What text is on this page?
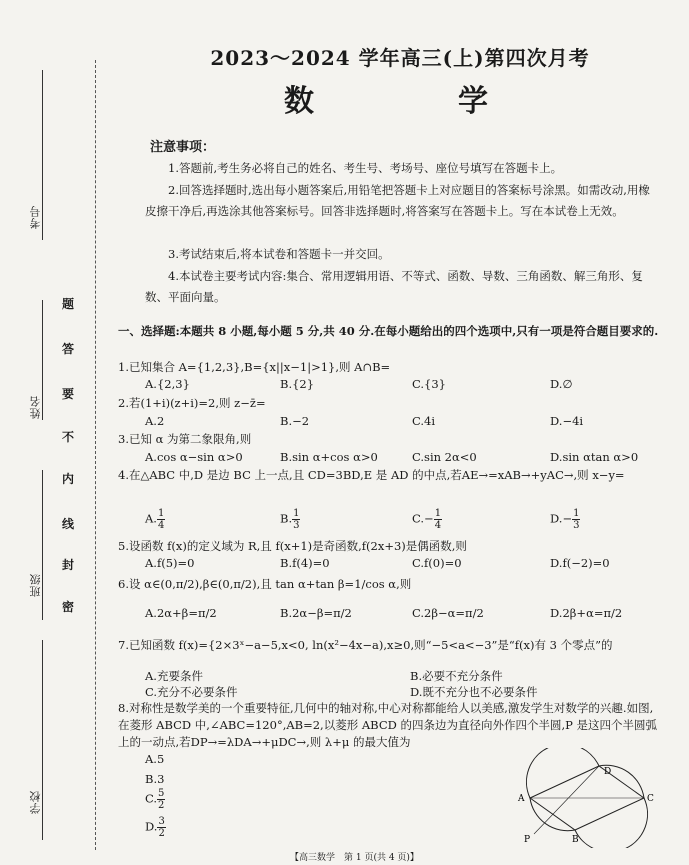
考号
姓名
班级
学校
题
答
要
不
内
线
封
密
2023～2024 学年高三(上)第四次月考
数　　学
注意事项：
1.答题前,考生务必将自己的姓名、考生号、考场号、座位号填写在答题卡上。
2.回答选择题时,选出每小题答案后,用铅笔把答题卡上对应题目的答案标号涂黑。如需改动,用橡皮擦干净后,再选涂其他答案标号。回答非选择题时,将答案写在答题卡上。写在本试卷上无效。
3.考试结束后,将本试卷和答题卡一并交回。
4.本试卷主要考试内容:集合、常用逻辑用语、不等式、函数、导数、三角函数、解三角形、复数、平面向量。
一、选择题:本题共 8 小题,每小题 5 分,共 40 分.在每小题给出的四个选项中,只有一项是符合题目要求的.
1.已知集合 A={1,2,3},B={x||x−1|>1},则 A∩B=
A.{2,3}	B.{2}	C.{3}	D.∅
2.若(1+i)(z+i)=2,则 z−z̄=
A.2	B.−2	C.4i	D.−4i
3.已知 α 为第二象限角,则
A.cos α−sin α>0	B.sin α+cos α>0	C.sin 2α<0	D.sin αtan α>0
4.在△ABC 中,D 是边 BC 上一点,且 CD=3BD,E 是 AD 的中点,若AE→=xAB→+yAC→,则 x−y=
A. $\frac{1}{4}$	B. $\frac{1}{3}$	$C.- \frac{1}{4}$	$D.- \frac{1}{3}$
5.设函数 f(x)的定义域为 R,且 f(x+1)是奇函数,f(2x+3)是偶函数,则
A.f(5)=0	B.f(4)=0	C.f(0)=0	D.f(−2)=0
6.设 α∈(0,π/2),β∈(0,π/2),且 tan α+tan β=1/cos α,则
A.2α+β=π/2	B.2α−β=π/2	C.2β−α=π/2	D.2β+α=π/2
7.已知函数 f(x)={2×3ˣ−a−5,x<0, ln(x²−4x−a),x≥0,则“−5<a<−3”是“f(x)有 3 个零点”的
A.充要条件	B.必要不充分条件
C.充分不必要条件	D.既不充分也不必要条件
8.对称性是数学美的一个重要特征,几何中的轴对称,中心对称都能给人以美感,激发学生对数学的兴趣.如图,在菱形 ABCD 中,∠ABC=120°,AB=2,以菱形 ABCD 的四条边为直径向外作四个半圆,P 是这四个半圆弧上的一动点,若DP→=λDA→+μDC→,则 λ+μ 的最大值为
A.5
B.3
C. $\frac{5}{2}$
D. $\frac{3}{2}$
D
A	C
B
P
【高三数学　第 1 页(共 4 页)】
